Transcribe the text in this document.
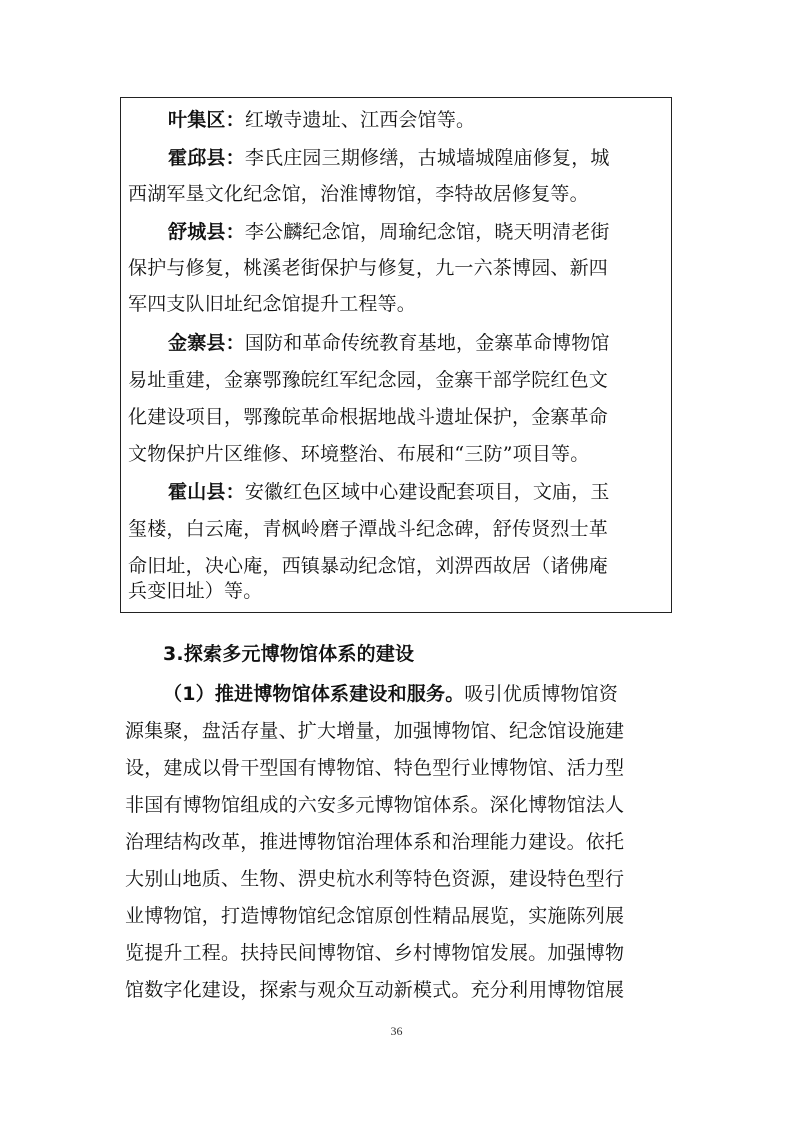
叶集区：红墩寺遗址、江西会馆等。
霍邱县：李氏庄园三期修缮，古城墙城隍庙修复，城
西湖军垦文化纪念馆，治淮博物馆，李特故居修复等。
舒城县：李公麟纪念馆，周瑜纪念馆，晓天明清老街
保护与修复，桃溪老街保护与修复，九一六茶博园、新四
军四支队旧址纪念馆提升工程等。
金寨县：国防和革命传统教育基地，金寨革命博物馆
易址重建，金寨鄂豫皖红军纪念园，金寨干部学院红色文
化建设项目，鄂豫皖革命根据地战斗遗址保护，金寨革命
文物保护片区维修、环境整治、布展和“三防”项目等。
霍山县：安徽红色区域中心建设配套项目，文庙，玉
玺楼，白云庵，青枫岭磨子潭战斗纪念碑，舒传贤烈士革
命旧址，决心庵，西镇暴动纪念馆，刘淠西故居（诸佛庵
兵变旧址）等。
3.探索多元博物馆体系的建设
（1）推进博物馆体系建设和服务。吸引优质博物馆资
源集聚，盘活存量、扩大增量，加强博物馆、纪念馆设施建
设，建成以骨干型国有博物馆、特色型行业博物馆、活力型
非国有博物馆组成的六安多元博物馆体系。深化博物馆法人
治理结构改革，推进博物馆治理体系和治理能力建设。依托
大别山地质、生物、淠史杭水利等特色资源，建设特色型行
业博物馆，打造博物馆纪念馆原创性精品展览，实施陈列展
览提升工程。扶持民间博物馆、乡村博物馆发展。加强博物
馆数字化建设，探索与观众互动新模式。充分利用博物馆展
36
